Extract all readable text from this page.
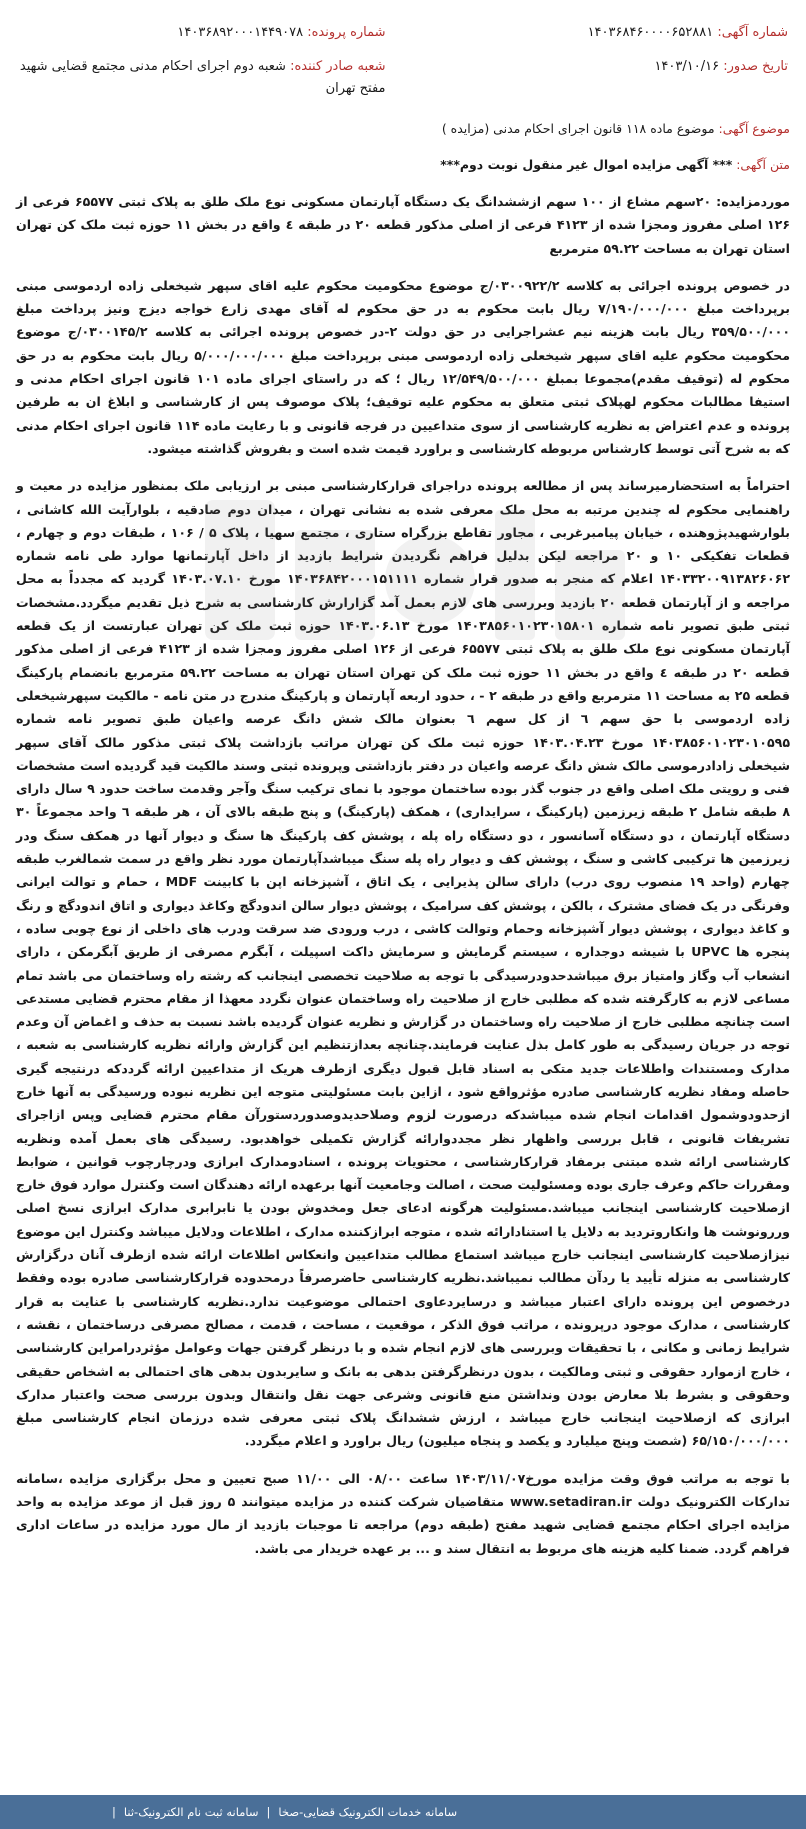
شماره آگهی: ۱۴۰۳۶۸۴۶۰۰۰۰۶۵۲۸۸۱	شماره پرونده: ۱۴۰۳۶۸۹۲۰۰۰۱۴۴۹۰۷۸
تاریخ صدور: ۱۴۰۳/۱۰/۱۶	شعبه صادر کننده: شعبه دوم اجرای احکام مدنی مجتمع قضایی شهید مفتح تهران
موضوع آگهی: موضوع ماده ۱۱۸ قانون اجرای احکام مدنی (مزایده )
متن آگهی: *** آگهی مزایده اموال غیر منقول نوبت دوم***

موردمزایده: ۲۰سهم مشاع از ۱۰۰ سهم ازششدانگ یک دستگاه آپارتمان مسکونی نوع ملک طلق به پلاک ثبتی ۶۵۵۷۷ فرعی از ۱۲۶ اصلی مفروز ومجزا شده از ۴۱۲۳ فرعی از اصلی مذکور قطعه ۲۰ در طبقه ٤ واقع در بخش ۱۱ حوزه ثبت ملک کن تهران استان تهران به مساحت ۵۹.۲۲ مترمربع

در خصوص پرونده اجرائی به کلاسه ۰۳۰۰۹۲۲/۲/ج موضوع محکومیت محکوم علیه اقای سپهر شیخعلی زاده اردموسی مبنی برپرداخت مبلغ ۷/۱۹۰/۰۰۰/۰۰۰ ریال بابت محکوم به در حق محکوم له آقای مهدی زارع خواجه دیزج ونیز پرداخت مبلغ ۳۵۹/۵۰۰/۰۰۰ ریال بابت هزینه نیم عشراجرایی در حق دولت ۲-در خصوص پرونده اجرائی به کلاسه ۰۳۰۰۱۴۵/۲/ج موضوع محکومیت محکوم علیه اقای سپهر شیخعلی زاده اردموسی مبنی برپرداخت مبلغ ۵/۰۰۰/۰۰۰/۰۰۰ ریال بابت محکوم به در حق محکوم له (توقیف مقدم)مجموعا بمبلغ ۱۲/۵۴۹/۵۰۰/۰۰۰ ریال ؛ که در راستای اجرای ماده ۱۰۱ قانون اجرای احکام مدنی و استیفا مطالبات محکوم لهپلاک ثبتی متعلق به محکوم علیه توقیف؛ پلاک موصوف پس از کارشناسی و ابلاغ ان به طرفین پرونده و عدم اعتراض به نظریه کارشناسی از سوی متداعیین در فرجه قانونی و با رعایت ماده ۱۱۴ قانون اجرای احکام مدنی که به شرح آتی توسط کارشناس مربوطه کارشناسی و براورد قیمت شده است و بفروش گذاشته میشود.

احتراماً به استحضارمیرساند پس از مطالعه پرونده دراجرای قرارکارشناسی مبنی بر ارزیابی ملک بمنظور مزایده در معیت و راهنمایی محکوم له چندین مرتبه به محل ملک معرفی شده به نشانی تهران ، میدان دوم صادقیه ، بلوارآیت الله کاشانی ، بلوارشهیدپژوهنده ، خیابان پیامبرغربی ، مجاور تقاطع بزرگراه ستاری ، مجتمع سهیا ، پلاک ۵ / ۱۰۶ ، طبقات دوم و چهارم ، قطعات تفکیکی ۱۰ و ۲۰ مراجعه لیکن بدلیل فراهم نگردیدن شرایط بازدید از داخل آپارتمانها موارد طی نامه شماره ۱۴۰۳۳۲۰۰۹۱۳۸۲۶۰۶۲ اعلام که منجر به صدور قرار شماره ۱۴۰۳۶۸۴۲۰۰۰۱۵۱۱۱۱ مورخ ۱۴۰۳.۰۷.۱۰ گردید که مجدداً به محل مراجعه و از آپارتمان قطعه ۲۰ بازدید وبررسی های لازم بعمل آمد گزارارش کارشناسی به شرح ذیل تقدیم میگردد.مشخصات ثبتی طبق تصویر نامه شماره ۱۴۰۳۸۵۶۰۱۰۲۳۰۱۵۸۰۱ مورخ ۱۴۰۳.۰۶.۱۳ حوزه ثبت ملک کن تهران عبارتست از یک قطعه آپارتمان مسکونی نوع ملک طلق به پلاک ثبتی ۶۵۵۷۷ فرعی از ۱۲۶ اصلی مفروز ومجزا شده از ۴۱۲۳ فرعی از اصلی مذکور قطعه ۲۰ در طبقه ٤ واقع در بخش ۱۱ حوزه ثبت ملک کن تهران استان تهران به مساحت ۵۹.۲۲ مترمربع بانضمام پارکینگ قطعه ۲۵ به مساحت ۱۱ مترمربع واقع در طبقه ۲ - ، حدود اربعه آپارتمان و پارکینگ مندرج در متن نامه - مالکیت سپهرشیخعلی زاده اردموسی با حق سهم ٦ از کل سهم ٦ بعنوان مالک شش دانگ عرصه واعیان طبق تصویر نامه شماره ۱۴۰۳۸۵۶۰۱۰۲۳۰۱۰۵۹۵ مورخ ۱۴۰۳.۰۴.۲۳ حوزه ثبت ملک کن تهران مراتب بازداشت پلاک ثبتی مذکور مالک آقای سپهر شیخعلی زادادرموسی مالک شش دانگ عرصه واعیان در دفتر بازداشتی وپرونده ثبتی وسند مالکیت قید گردیده است مشخصات فنی و رویتی ملک اصلی واقع در جنوب گذر بوده ساختمان موجود با نمای ترکیب سنگ وآجر وقدمت ساخت حدود ۹ سال دارای ۸ طبقه شامل ۲ طبقه زیرزمین (پارکینگ ، سرایداری) ، همکف (پارکینگ) و پنج طبقه بالای آن ، هر طبقه ٦ واحد مجموعاً ۳۰ دستگاه آپارتمان ، دو دستگاه آسانسور ، دو دستگاه راه پله ، پوشش کف پارکینگ ها سنگ و دیوار آنها در همکف سنگ ودر زیرزمین ها ترکیبی کاشی و سنگ ، پوشش کف و دیوار راه پله سنگ میباشدآپارتمان مورد نظر واقع در سمت شمالغرب طبقه چهارم (واحد ۱۹ منصوب روی درب) دارای سالن پذیرایی ، یک اتاق ، آشپزخانه اپن با کابینت MDF ، حمام و توالت ایرانی وفرنگی در یک فضای مشترک ، بالکن ، پوشش کف سرامیک ، پوشش دیوار سالن اندودگچ وکاغذ دیواری و اتاق اندودگچ و رنگ و کاغذ دیواری ، پوشش دیوار آشپزخانه وحمام وتوالت کاشی ، درب ورودی ضد سرقت ودرب های داخلی از نوع چوبی ساده ، پنجره ها UPVC با شیشه دوجداره ، سیستم گرمایش و سرمایش داکت اسپیلت ، آبگرم مصرفی از طریق آبگرمکن ، دارای انشعاب آب وگاز وامتیاز برق میباشدحدودرسیدگی با توجه به صلاحیت تخصصی اینجانب که رشته راه وساختمان می باشد تمام مساعی لازم به کارگرفته شده که مطلبی خارج از صلاحیت راه وساختمان عنوان نگردد معهذا از مقام محترم قضایی مستدعی است چنانچه مطلبی خارج از صلاحیت راه وساختمان در گزارش و نظریه عنوان گردیده باشد نسبت به حذف و اغماض آن وعدم توجه در جریان رسیدگی به طور کامل بذل عنایت فرمایند.چنانچه بعدازتنظیم این گزارش وارائه نظریه کارشناسی به شعبه ، مدارک ومستندات واطلاعات جدید متکی به اسناد قابل قبول دیگری ازطرف هریک از متداعیین ارائه گرددکه درنتیجه گیری حاصله ومفاد نظریه کارشناسی صادره مؤثرواقع شود ، ازاین بابت مسئولیتی متوجه این نظریه نبوده ورسیدگی به آنها خارج ازحدودوشمول اقدامات انجام شده میباشدکه درصورت لزوم وصلاحدیدوصدوردستورآن مقام محترم قضایی وپس ازاجرای تشریفات قانونی ، قابل بررسی واظهار نظر مجددوارائه گزارش تکمیلی خواهدبود. رسیدگی های بعمل آمده ونظریه کارشناسی ارائه شده مبتنی برمفاد قرارکارشناسی ، محتویات پرونده ، اسنادومدارک ابرازی ودرچارچوب قوانین ، ضوابط ومقررات حاکم وعرف جاری بوده ومسئولیت صحت ، اصالت وجامعیت آنها برعهده ارائه دهندگان است وکنترل موارد فوق خارج ازصلاحیت کارشناسی اینجانب میباشد.مسئولیت هرگونه ادعای جعل ومخدوش بودن یا نابرابری مدارک ابرازی نسخ اصلی وررونوشت ها وانکاروتردید به دلایل یا استنادارائه شده ، متوجه ابرازکننده مدارک ، اطلاعات ودلایل میباشد وکنترل این موضوع نیزازصلاحیت کارشناسی اینجانب خارج میباشد استماع مطالب متداعیین وانعکاس اطلاعات ارائه شده ازطرف آنان درگزارش کارشناسی به منزله تأیید یا ردآن مطالب نمیباشد.نظریه کارشناسی حاضرصرفاً درمحدوده قرارکارشناسی صادره بوده وفقط درخصوص این پرونده دارای اعتبار میباشد و درسایردعاوی احتمالی موضوعیت ندارد.نظریه کارشناسی با عنایت به قرار کارشناسی ، مدارک موجود درپرونده ، مراتب فوق الذکر ، موقعیت ، مساحت ، قدمت ، مصالح مصرفی درساختمان ، نقشه ، شرایط زمانی و مکانی ، با تحقیقات وبررسی های لازم انجام شده و با درنظر گرفتن جهات وعوامل مؤثردرامراین کارشناسی ، خارج ازموارد حقوقی و ثبتی ومالکیت ، بدون درنظرگرفتن بدهی به بانک و سایربدون بدهی های احتمالی به اشخاص حقیقی وحقوقی و بشرط بلا معارض بودن ونداشتن منع قانونی وشرعی جهت نقل وانتقال وبدون بررسی صحت واعتبار مدارک ابرازی که ازصلاحیت اینجانب خارج میباشد ، ارزش ششدانگ پلاک ثبتی معرفی شده درزمان انجام کارشناسی مبلغ ۶۵/۱۵۰/۰۰۰/۰۰۰ (شصت وپنج میلیارد و یکصد و پنجاه میلیون) ریال براورد و اعلام میگردد.

با توجه به مراتب فوق وقت مزایده مورخ۱۴۰۳/۱۱/۰۷ ساعت ۰۸/۰۰ الی ۱۱/۰۰ صبح تعیین و محل برگزاری مزایده ،سامانه تدارکات الکترونیک دولت www.setadiran.ir متقاضیان شرکت کننده در مزایده میتوانند ۵ روز قبل از موعد مزایده به واحد مزایده اجرای احکام مجتمع قضایی شهید مفتح (طبقه دوم) مراجعه تا موجبات بازدید از مال مورد مزایده در ساعات اداری فراهم گردد. ضمنا کلیه هزینه های مربوط به انتقال سند و ... بر عهده خریدار می باشد.

سامانه خدمات الکترونیک قضایی-صخا
|
سامانه ثبت نام الکترونیک-ثنا
|
